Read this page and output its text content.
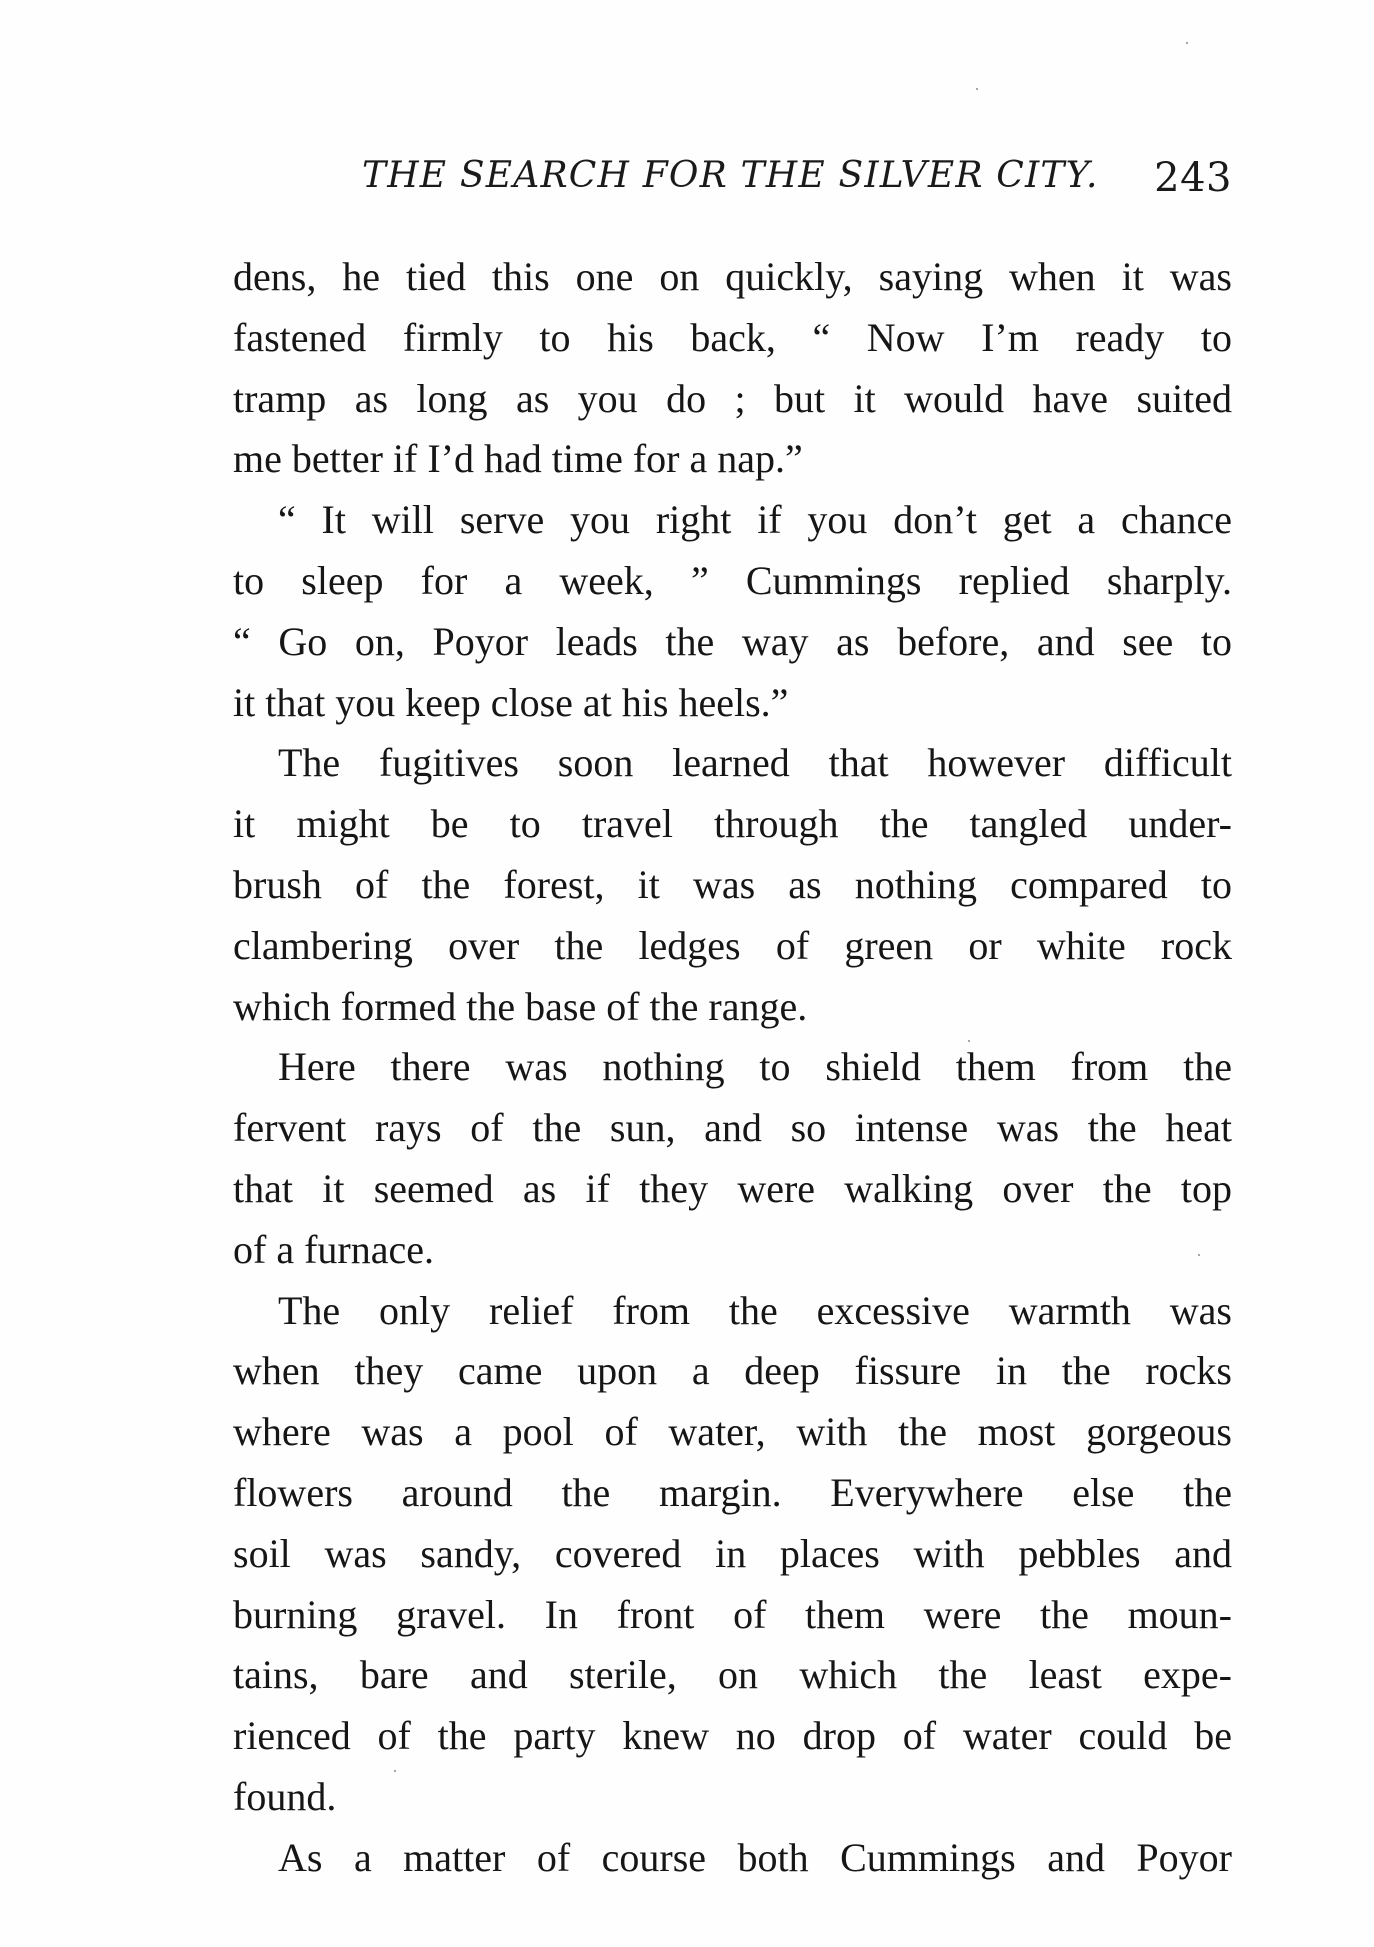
THE SEARCH FOR THE SILVER CITY. 243
dens, he tied this one on quickly, saying when it was
fastened firmly to his back, “ Now I’m ready to
tramp as long as you do ; but it would have suited
me better if I’d had time for a nap.”
“ It will serve you right if you don’t get a chance
to sleep for a week, ” Cummings replied sharply.
“ Go on, Poyor leads the way as before, and see to
it that you keep close at his heels.”
The fugitives soon learned that however difficult
it might be to travel through the tangled under-
brush of the forest, it was as nothing compared to
clambering over the ledges of green or white rock
which formed the base of the range.
Here there was nothing to shield them from the
fervent rays of the sun, and so intense was the heat
that it seemed as if they were walking over the top
of a furnace.
The only relief from the excessive warmth was
when they came upon a deep fissure in the rocks
where was a pool of water, with the most gorgeous
flowers around the margin. Everywhere else the
soil was sandy, covered in places with pebbles and
burning gravel. In front of them were the moun-
tains, bare and sterile, on which the least expe-
rienced of the party knew no drop of water could be
found.
As a matter of course both Cummings and Poyor
